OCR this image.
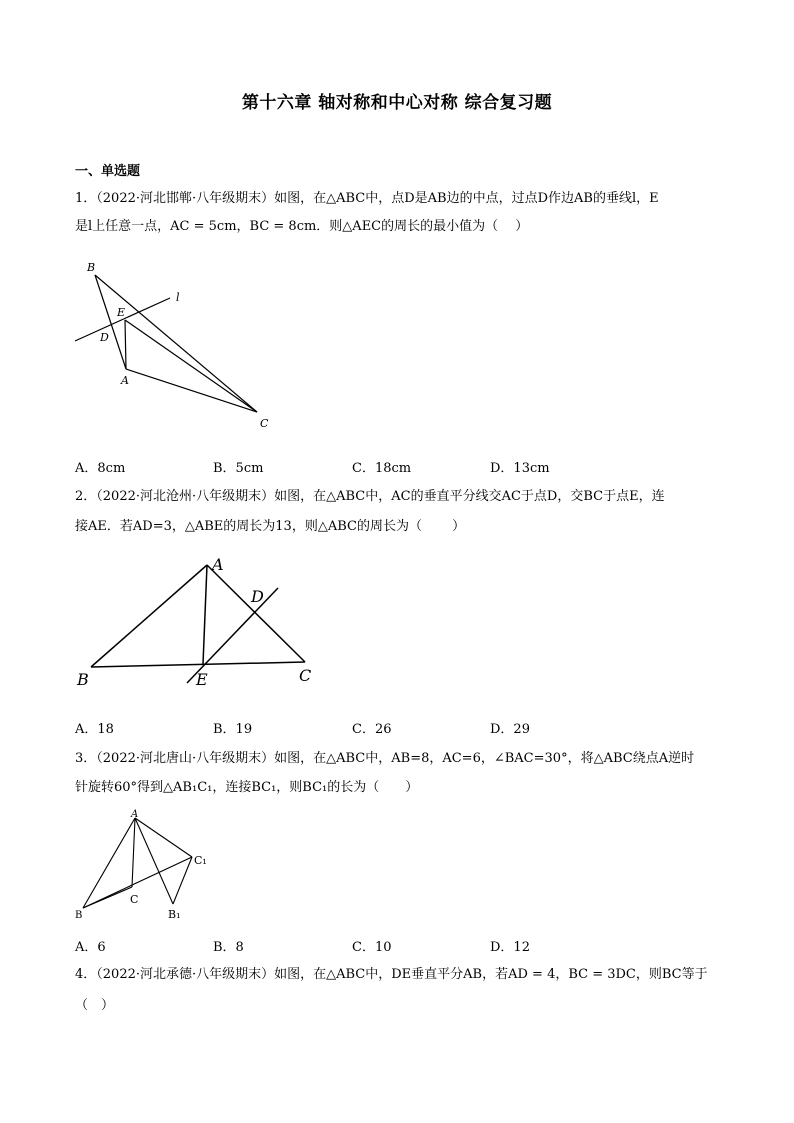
第十六章 轴对称和中心对称 综合复习题
一、单选题
1．（2022·河北邯郸·八年级期末）如图，在△ABC中，点D是AB边的中点，过点D作边AB的垂线l，E
是l上任意一点，AC = 5cm，BC = 8cm．则△AEC的周长的最小值为（　 ）
B
E
D
A
C
l
A．8cm	B．5cm	C．18cm	D．13cm
2．（2022·河北沧州·八年级期末）如图，在△ABC中，AC的垂直平分线交AC于点D，交BC于点E，连
接AE．若AD=3，△ABE的周长为13，则△ABC的周长为（　　 ）
A
D
B	E	C
A．18	B．19	C．26	D．29
3．（2022·河北唐山·八年级期末）如图，在△ABC中，AB=8，AC=6，∠BAC=30°，将△ABC绕点A逆时
针旋转60°得到△AB₁C₁，连接BC₁，则BC₁的长为（　　）
A
C₁
B
C
B₁
A．6	B．8	C．10	D．12
4．（2022·河北承德·八年级期末）如图，在△ABC中，DE垂直平分AB，若AD = 4，BC = 3DC，则BC等于
（　）
